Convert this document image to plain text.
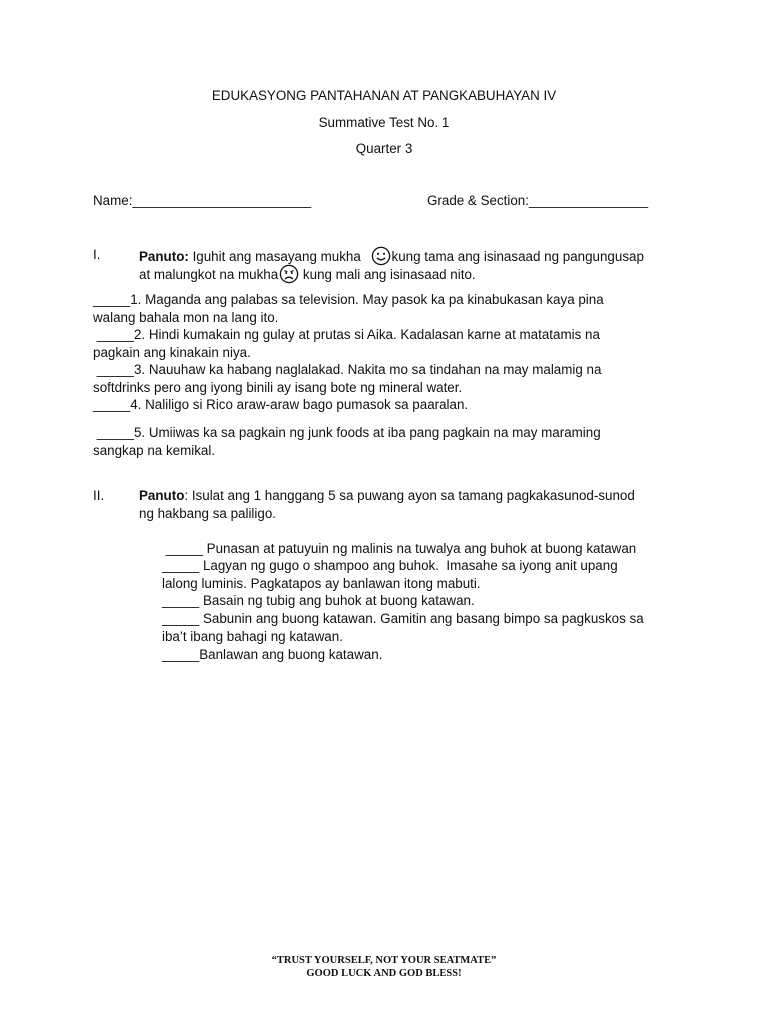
EDUKASYONG PANTAHANAN AT PANGKABUHAYAN IV
Summative Test No. 1
Quarter 3
Name:________________________	Grade & Section:________________
I.	Panuto: Iguhit ang masayang mukha kung tama ang isinasaad ng pangungusap
at malungkot na mukha kung mali ang isinasaad nito.
_____1. Maganda ang palabas sa television. May pasok ka pa kinabukasan kaya pina
walang bahala mon na lang ito.
_____2. Hindi kumakain ng gulay at prutas si Aika. Kadalasan karne at matatamis na
pagkain ang kinakain niya.
_____3. Nauuhaw ka habang naglalakad. Nakita mo sa tindahan na may malamig na
softdrinks pero ang iyong binili ay isang bote ng mineral water.
_____4. Naliligo si Rico araw-araw bago pumasok sa paaralan.
_____5. Umiiwas ka sa pagkain ng junk foods at iba pang pagkain na may maraming
sangkap na kemikal.
II.	Panuto: Isulat ang 1 hanggang 5 sa puwang ayon sa tamang pagkakasunod-sunod
ng hakbang sa paliligo.
_____ Punasan at patuyuin ng malinis na tuwalya ang buhok at buong katawan
_____ Lagyan ng gugo o shampoo ang buhok.  Imasahe sa iyong anit upang
lalong luminis. Pagkatapos ay banlawan itong mabuti.
_____ Basain ng tubig ang buhok at buong katawan.
_____ Sabunin ang buong katawan. Gamitin ang basang bimpo sa pagkuskos sa
iba’t ibang bahagi ng katawan.
_____Banlawan ang buong katawan.
“TRUST YOURSELF, NOT YOUR SEATMATE”
GOOD LUCK AND GOD BLESS!
